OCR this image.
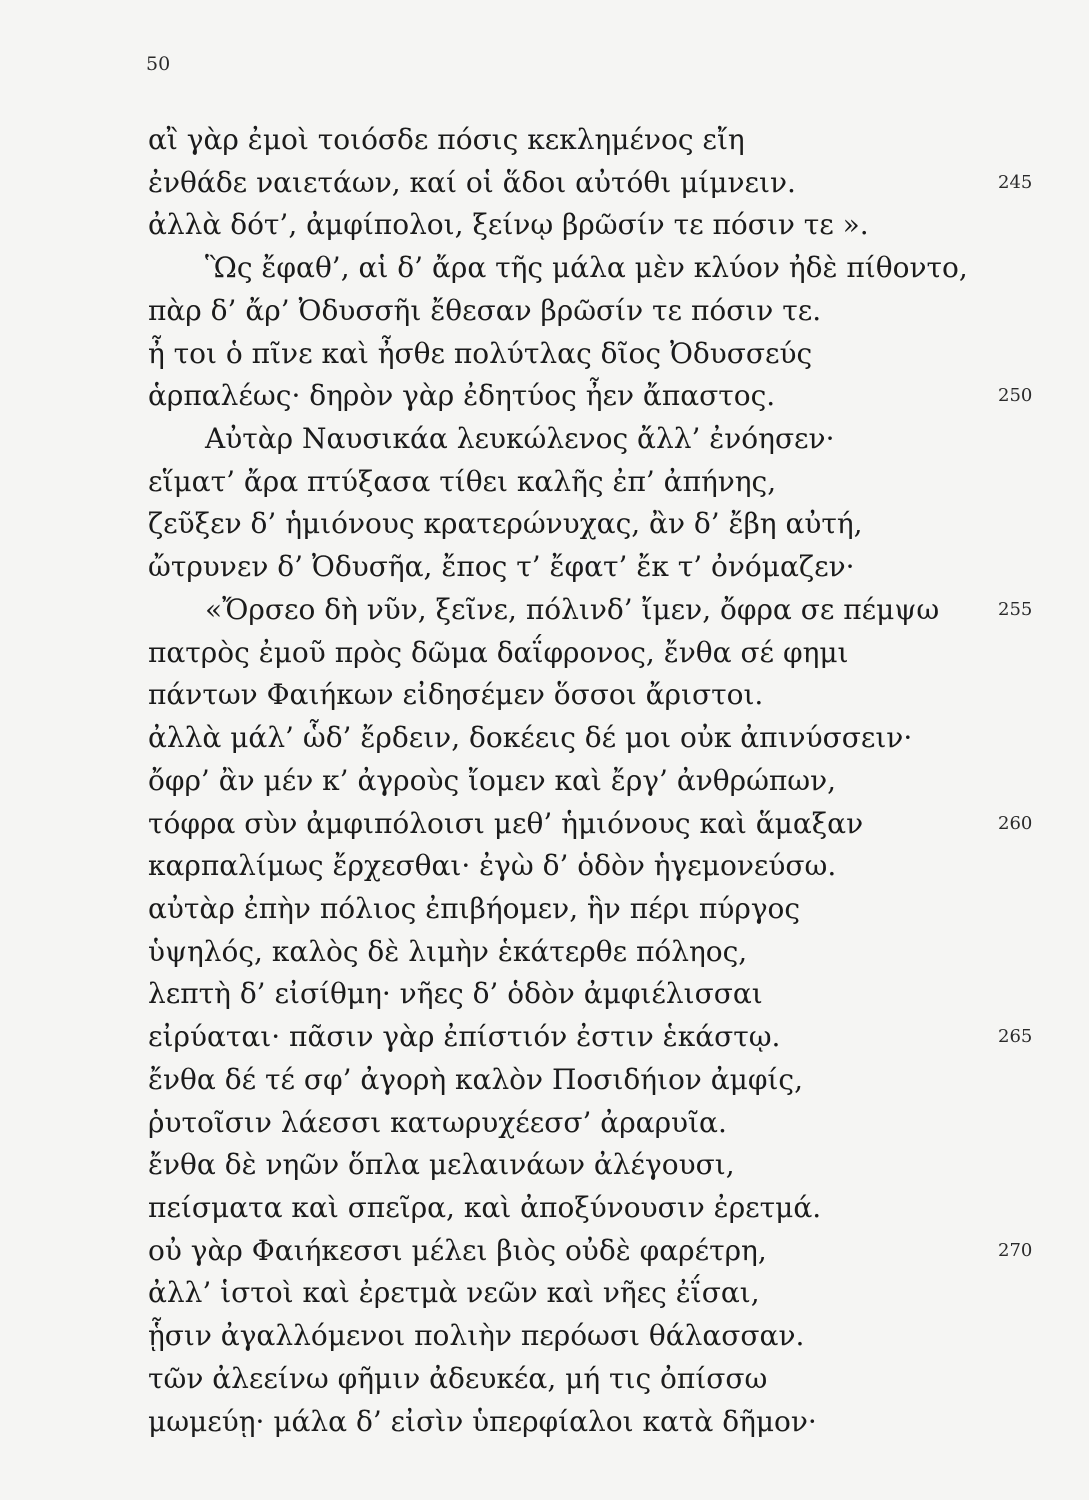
50
αἲ γὰρ ἐμοὶ τοιόσδε πόσις κεκλημένος εἴη
ἐνθάδε ναιετάων, καί οἱ ἅδοι αὐτόθι μίμνειν.	245
ἀλλὰ δότ’, ἀμφίπολοι, ξείνῳ βρῶσίν τε πόσιν τε ».
Ὣς ἔφαθ’, αἱ δ’ ἄρα τῆς μάλα μὲν κλύον ἠδὲ πίθοντο,
πὰρ δ’ ἄρ’ Ὀδυσσῆι ἔθεσαν βρῶσίν τε πόσιν τε.
ἦ τοι ὁ πῖνε καὶ ἦσθε πολύτλας δῖος Ὀδυσσεύς
ἁρπαλέως· δηρὸν γὰρ ἐδητύος ἦεν ἄπαστος.	250
Αὐτὰρ Ναυσικάα λευκώλενος ἄλλ’ ἐνόησεν·
εἵματ’ ἄρα πτύξασα τίθει καλῆς ἐπ’ ἀπήνης,
ζεῦξεν δ’ ἡμιόνους κρατερώνυχας, ἂν δ’ ἔβη αὐτή,
ὤτρυνεν δ’ Ὀδυσῆα, ἔπος τ’ ἔφατ’ ἔκ τ’ ὀνόμαζεν·
«Ὄρσεο δὴ νῦν, ξεῖνε, πόλινδ’ ἴμεν, ὄφρα σε πέμψω	255
πατρὸς ἐμοῦ πρὸς δῶμα δαΐφρονος, ἔνθα σέ φημι
πάντων Φαιήκων εἰδησέμεν ὅσσοι ἄριστοι.
ἀλλὰ μάλ’ ὧδ’ ἔρδειν, δοκέεις δέ μοι οὐκ ἀπινύσσειν·
ὄφρ’ ἂν μέν κ’ ἀγροὺς ἴομεν καὶ ἔργ’ ἀνθρώπων,
τόφρα σὺν ἀμφιπόλοισι μεθ’ ἡμιόνους καὶ ἅμαξαν	260
καρπαλίμως ἔρχεσθαι· ἐγὼ δ’ ὁδὸν ἡγεμονεύσω.
αὐτὰρ ἐπὴν πόλιος ἐπιβήομεν, ἣν πέρι πύργος
ὑψηλός, καλὸς δὲ λιμὴν ἑκάτερθε πόληος,
λεπτὴ δ’ εἰσίθμη· νῆες δ’ ὁδὸν ἀμφιέλισσαι
εἰρύαται· πᾶσιν γὰρ ἐπίστιόν ἐστιν ἑκάστῳ.	265
ἔνθα δέ τέ σφ’ ἀγορὴ καλὸν Ποσιδήιον ἀμφίς,
ῥυτοῖσιν λάεσσι κατωρυχέεσσ’ ἀραρυῖα.
ἔνθα δὲ νηῶν ὅπλα μελαινάων ἀλέγουσι,
πείσματα καὶ σπεῖρα, καὶ ἀποξύνουσιν ἐρετμά.
οὐ γὰρ Φαιήκεσσι μέλει βιὸς οὐδὲ φαρέτρη,	270
ἀλλ’ ἱστοὶ καὶ ἐρετμὰ νεῶν καὶ νῆες ἐΐσαι,
ᾗσιν ἀγαλλόμενοι πολιὴν περόωσι θάλασσαν.
τῶν ἀλεείνω φῆμιν ἀδευκέα, μή τις ὀπίσσω
μωμεύῃ· μάλα δ’ εἰσὶν ὑπερφίαλοι κατὰ δῆμον·
